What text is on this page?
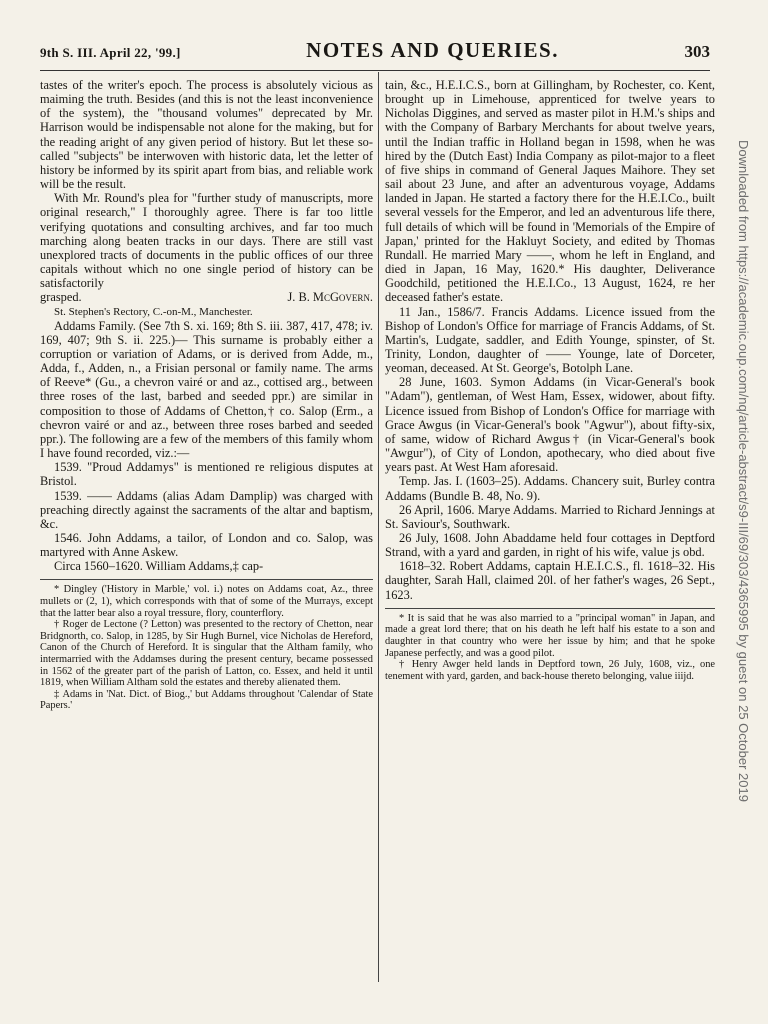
9th S. III. April 22, '99.]	NOTES AND QUERIES.	303

tastes of the writer's epoch. The process is absolutely vicious as maiming the truth. Besides (and this is not the least inconvenience of the system), the "thousand volumes" deprecated by Mr. Harrison would be indispensable not alone for the making, but for the reading aright of any given period of history. But let these so-called "subjects" be interwoven with historic data, let the letter of history be informed by its spirit apart from bias, and reliable work will be the result.

With Mr. Round's plea for "further study of manuscripts, more original research," I thoroughly agree. There is far too little verifying quotations and consulting archives, and far too much marching along beaten tracks in our days. There are still vast unexplored tracts of documents in the public offices of our three capitals without which no one single period of history can be satisfactorily

grasped.	J. B. McGovern.

St. Stephen's Rectory, C.-on-M., Manchester.

Addams Family. (See 7th S. xi. 169; 8th S. iii. 387, 417, 478; iv. 169, 407; 9th S. ii. 225.)— This surname is probably either a corruption or variation of Adams, or is derived from Adde, m., Adda, f., Adden, n., a Frisian personal or family name. The arms of Reeve* (Gu., a chevron vairé or and az., cottised arg., between three roses of the last, barbed and seeded ppr.) are similar in composition to those of Addams of Chetton,† co. Salop (Erm., a chevron vairé or and az., between three roses barbed and seeded ppr.). The following are a few of the members of this family whom I have found recorded, viz.:—

1539. "Proud Addamys" is mentioned re religious disputes at Bristol.

1539. —— Addams (alias Adam Damplip) was charged with preaching directly against the sacraments of the altar and baptism, &c.

1546. John Addams, a tailor, of London and co. Salop, was martyred with Anne Askew.

Circa 1560–1620. William Addams,‡ cap-

* Dingley ('History in Marble,' vol. i.) notes on Addams coat, Az., three mullets or (2, 1), which corresponds with that of some of the Murrays, except that the latter bear also a royal tressure, flory, counterflory.

† Roger de Lectone (? Letton) was presented to the rectory of Chetton, near Bridgnorth, co. Salop, in 1285, by Sir Hugh Burnel, vice Nicholas de Hereford, Canon of the Church of Hereford. It is singular that the Altham family, who intermarried with the Addamses during the present century, became possessed in 1562 of the greater part of the parish of Latton, co. Essex, and held it until 1819, when William Altham sold the estates and thereby alienated them.

‡ Adams in 'Nat. Dict. of Biog.,' but Addams throughout 'Calendar of State Papers.'

tain, &c., H.E.I.C.S., born at Gillingham, by Rochester, co. Kent, brought up in Limehouse, apprenticed for twelve years to Nicholas Diggines, and served as master pilot in H.M.'s ships and with the Company of Barbary Merchants for about twelve years, until the Indian traffic in Holland began in 1598, when he was hired by the (Dutch East) India Company as pilot-major to a fleet of five ships in command of General Jaques Maihore. They set sail about 23 June, and after an adventurous voyage, Addams landed in Japan. He started a factory there for the H.E.I.Co., built several vessels for the Emperor, and led an adventurous life there, full details of which will be found in 'Memorials of the Empire of Japan,' printed for the Hakluyt Society, and edited by Thomas Rundall. He married Mary ——, whom he left in England, and died in Japan, 16 May, 1620.* His daughter, Deliverance Goodchild, petitioned the H.E.I.Co., 13 August, 1624, re her deceased father's estate.

11 Jan., 1586/7. Francis Addams. Licence issued from the Bishop of London's Office for marriage of Francis Addams, of St. Martin's, Ludgate, saddler, and Edith Younge, spinster, of St. Trinity, London, daughter of —— Younge, late of Dorceter, yeoman, deceased. At St. George's, Botolph Lane.

28 June, 1603. Symon Addams (in Vicar-General's book "Adam"), gentleman, of West Ham, Essex, widower, about fifty. Licence issued from Bishop of London's Office for marriage with Grace Awgus (in Vicar-General's book "Agwur"), about fifty-six, of same, widow of Richard Awgus† (in Vicar-General's book "Awgur"), of City of London, apothecary, who died about five years past. At West Ham aforesaid.

Temp. Jas. I. (1603–25). Addams. Chancery suit, Burley contra Addams (Bundle B. 48, No. 9).

26 April, 1606. Marye Addams. Married to Richard Jennings at St. Saviour's, Southwark.

26 July, 1608. John Abaddame held four cottages in Deptford Strand, with a yard and garden, in right of his wife, value js obd.

1618–32. Robert Addams, captain H.E.I.C.S., fl. 1618–32. His daughter, Sarah Hall, claimed 20l. of her father's wages, 26 Sept., 1623.

* It is said that he was also married to a "principal woman" in Japan, and made a great lord there; that on his death he left half his estate to a son and daughter in that country who were her issue by him; and that he spoke Japanese perfectly, and was a good pilot.

† Henry Awger held lands in Deptford town, 26 July, 1608, viz., one tenement with yard, garden, and back-house thereto belonging, value iiijd.	Downloaded from https://academic.oup.com/nq/article-abstract/s9-III/69/303/4365995 by guest on 25 October 2019
